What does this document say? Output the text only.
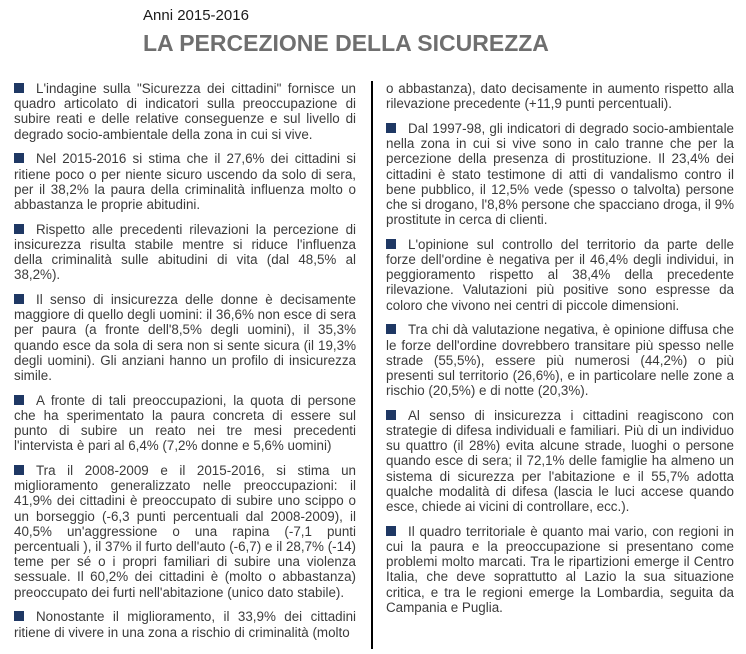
Anni 2015-2016
LA PERCEZIONE DELLA SICUREZZA

L'indagine sulla "Sicurezza dei cittadini" fornisce un quadro articolato di indicatori sulla preoccupazione di subire reati e delle relative conseguenze e sul livello di degrado socio-ambientale della zona in cui si vive.

Nel 2015-2016 si stima che il 27,6% dei cittadini si ritiene poco o per niente sicuro uscendo da solo di sera, per il 38,2% la paura della criminalità influenza molto o abbastanza le proprie abitudini.

Rispetto alle precedenti rilevazioni la percezione di insicurezza risulta stabile mentre si riduce l'influenza della criminalità sulle abitudini di vita (dal 48,5% al 38,2%).

Il senso di insicurezza delle donne è decisamente maggiore di quello degli uomini: il 36,6% non esce di sera per paura (a fronte dell'8,5% degli uomini), il 35,3% quando esce da sola di sera non si sente sicura (il 19,3% degli uomini). Gli anziani hanno un profilo di insicurezza simile.

A fronte di tali preoccupazioni, la quota di persone che ha sperimentato la paura concreta di essere sul punto di subire un reato nei tre mesi precedenti l'intervista è pari al 6,4% (7,2% donne e 5,6% uomini)

Tra il 2008-2009 e il 2015-2016, si stima un miglioramento generalizzato nelle preoccupazioni: il 41,9% dei cittadini è preoccupato di subire uno scippo o un borseggio (-6,3 punti percentuali dal 2008-2009), il 40,5% un'aggressione o una rapina (-7,1 punti percentuali ), il 37% il furto dell'auto (-6,7) e il 28,7% (-14) teme per sé o i propri familiari di subire una violenza sessuale. Il 60,2% dei cittadini è (molto o abbastanza) preoccupato dei furti nell'abitazione (unico dato stabile).

Nonostante il miglioramento, il 33,9% dei cittadini ritiene di vivere in una zona a rischio di criminalità (molto

o abbastanza), dato decisamente in aumento rispetto alla rilevazione precedente (+11,9 punti percentuali).

Dal 1997-98, gli indicatori di degrado socio-ambientale nella zona in cui si vive sono in calo tranne che per la percezione della presenza di prostituzione. Il 23,4% dei cittadini è stato testimone di atti di vandalismo contro il bene pubblico, il 12,5% vede (spesso o talvolta) persone che si drogano, l'8,8% persone che spacciano droga, il 9% prostitute in cerca di clienti.

L'opinione sul controllo del territorio da parte delle forze dell'ordine è negativa per il 46,4% degli individui, in peggioramento rispetto al 38,4% della precedente rilevazione. Valutazioni più positive sono espresse da coloro che vivono nei centri di piccole dimensioni.

Tra chi dà valutazione negativa, è opinione diffusa che le forze dell'ordine dovrebbero transitare più spesso nelle strade (55,5%), essere più numerosi (44,2%) o più presenti sul territorio (26,6%), e in particolare nelle zone a rischio (20,5%) e di notte (20,3%).

Al senso di insicurezza i cittadini reagiscono con strategie di difesa individuali e familiari. Più di un individuo su quattro (il 28%) evita alcune strade, luoghi o persone quando esce di sera; il 72,1% delle famiglie ha almeno un sistema di sicurezza per l'abitazione e il 55,7% adotta qualche modalità di difesa (lascia le luci accese quando esce, chiede ai vicini di controllare, ecc.).

Il quadro territoriale è quanto mai vario, con regioni in cui la paura e la preoccupazione si presentano come problemi molto marcati. Tra le ripartizioni emerge il Centro Italia, che deve soprattutto al Lazio la sua situazione critica, e tra le regioni emerge la Lombardia, seguita da Campania e Puglia.
